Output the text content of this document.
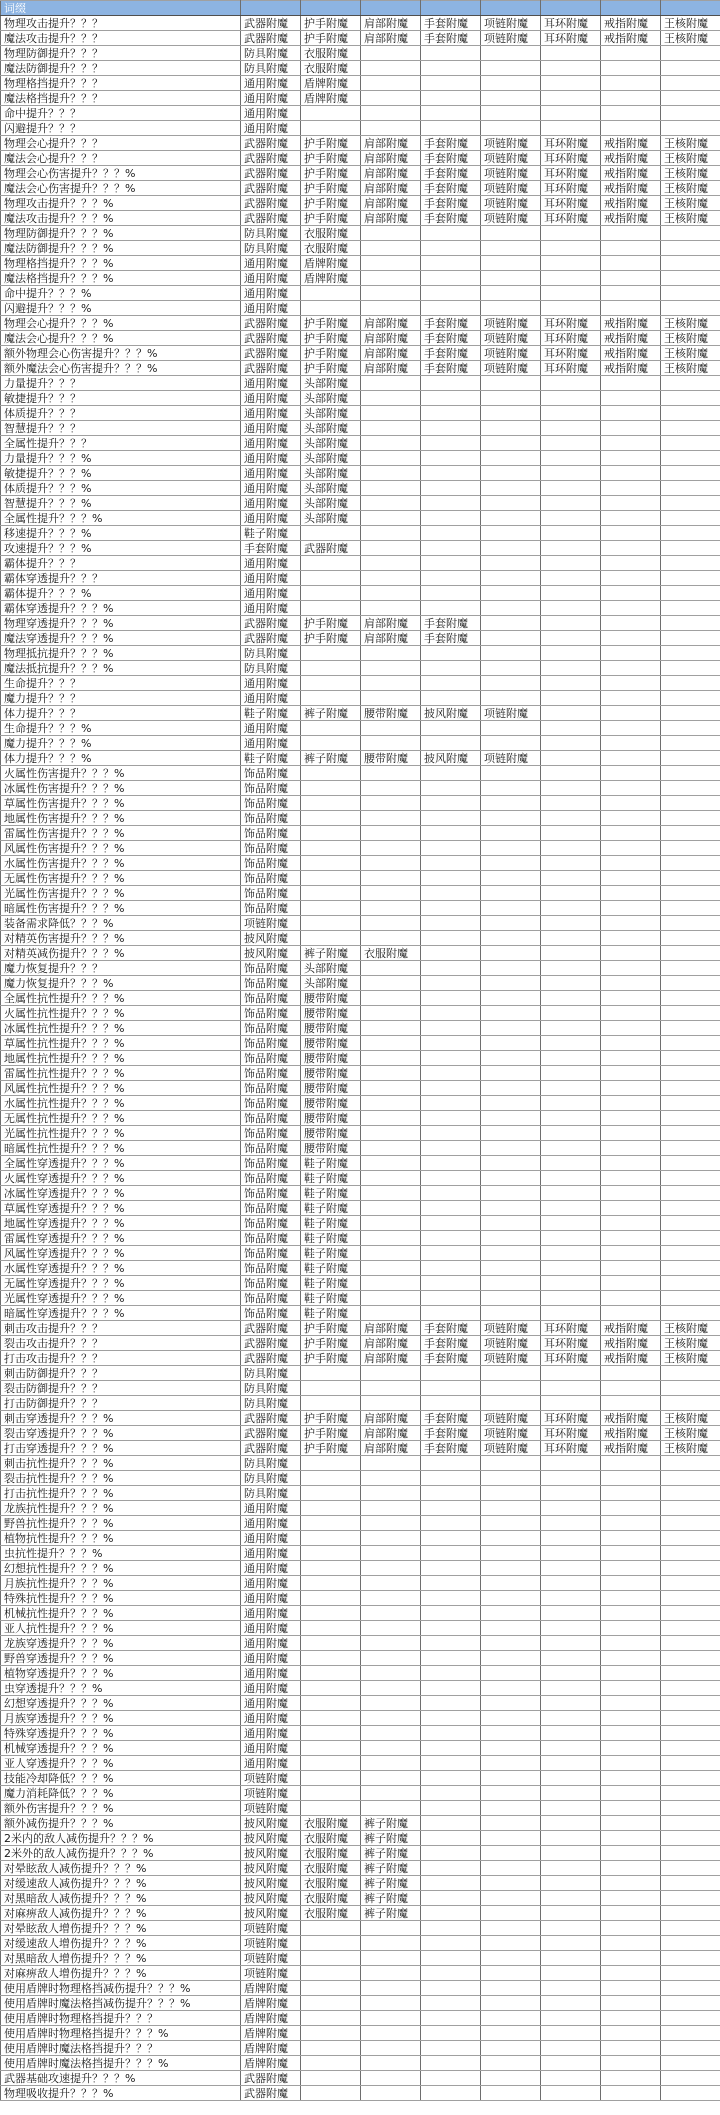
词缀								
物理攻击提升？？？	武器附魔	护手附魔	肩部附魔	手套附魔	项链附魔	耳环附魔	戒指附魔	王核附魔
魔法攻击提升？？？	武器附魔	护手附魔	肩部附魔	手套附魔	项链附魔	耳环附魔	戒指附魔	王核附魔
物理防御提升？？？	防具附魔	衣服附魔						
魔法防御提升？？？	防具附魔	衣服附魔						
物理格挡提升？？？	通用附魔	盾牌附魔						
魔法格挡提升？？？	通用附魔	盾牌附魔						
命中提升？？？	通用附魔							
闪避提升？？？	通用附魔							
物理会心提升？？？	武器附魔	护手附魔	肩部附魔	手套附魔	项链附魔	耳环附魔	戒指附魔	王核附魔
魔法会心提升？？？	武器附魔	护手附魔	肩部附魔	手套附魔	项链附魔	耳环附魔	戒指附魔	王核附魔
物理会心伤害提升？？？%	武器附魔	护手附魔	肩部附魔	手套附魔	项链附魔	耳环附魔	戒指附魔	王核附魔
魔法会心伤害提升？？？%	武器附魔	护手附魔	肩部附魔	手套附魔	项链附魔	耳环附魔	戒指附魔	王核附魔
物理攻击提升？？？%	武器附魔	护手附魔	肩部附魔	手套附魔	项链附魔	耳环附魔	戒指附魔	王核附魔
魔法攻击提升？？？%	武器附魔	护手附魔	肩部附魔	手套附魔	项链附魔	耳环附魔	戒指附魔	王核附魔
物理防御提升？？？%	防具附魔	衣服附魔						
魔法防御提升？？？%	防具附魔	衣服附魔						
物理格挡提升？？？%	通用附魔	盾牌附魔						
魔法格挡提升？？？%	通用附魔	盾牌附魔						
命中提升？？？%	通用附魔							
闪避提升？？？%	通用附魔							
物理会心提升？？？%	武器附魔	护手附魔	肩部附魔	手套附魔	项链附魔	耳环附魔	戒指附魔	王核附魔
魔法会心提升？？？%	武器附魔	护手附魔	肩部附魔	手套附魔	项链附魔	耳环附魔	戒指附魔	王核附魔
额外物理会心伤害提升？？？%	武器附魔	护手附魔	肩部附魔	手套附魔	项链附魔	耳环附魔	戒指附魔	王核附魔
额外魔法会心伤害提升？？？%	武器附魔	护手附魔	肩部附魔	手套附魔	项链附魔	耳环附魔	戒指附魔	王核附魔
力量提升？？？	通用附魔	头部附魔						
敏捷提升？？？	通用附魔	头部附魔						
体质提升？？？	通用附魔	头部附魔						
智慧提升？？？	通用附魔	头部附魔						
全属性提升？？？	通用附魔	头部附魔						
力量提升？？？%	通用附魔	头部附魔						
敏捷提升？？？%	通用附魔	头部附魔						
体质提升？？？%	通用附魔	头部附魔						
智慧提升？？？%	通用附魔	头部附魔						
全属性提升？？？%	通用附魔	头部附魔						
移速提升？？？%	鞋子附魔							
攻速提升？？？%	手套附魔	武器附魔						
霸体提升？？？	通用附魔							
霸体穿透提升？？？	通用附魔							
霸体提升？？？%	通用附魔							
霸体穿透提升？？？%	通用附魔							
物理穿透提升？？？%	武器附魔	护手附魔	肩部附魔	手套附魔				
魔法穿透提升？？？%	武器附魔	护手附魔	肩部附魔	手套附魔				
物理抵抗提升？？？%	防具附魔							
魔法抵抗提升？？？%	防具附魔							
生命提升？？？	通用附魔							
魔力提升？？？	通用附魔							
体力提升？？？	鞋子附魔	裤子附魔	腰带附魔	披风附魔	项链附魔			
生命提升？？？%	通用附魔							
魔力提升？？？%	通用附魔							
体力提升？？？%	鞋子附魔	裤子附魔	腰带附魔	披风附魔	项链附魔			
火属性伤害提升？？？%	饰品附魔							
冰属性伤害提升？？？%	饰品附魔							
草属性伤害提升？？？%	饰品附魔							
地属性伤害提升？？？%	饰品附魔							
雷属性伤害提升？？？%	饰品附魔							
风属性伤害提升？？？%	饰品附魔							
水属性伤害提升？？？%	饰品附魔							
无属性伤害提升？？？%	饰品附魔							
光属性伤害提升？？？%	饰品附魔							
暗属性伤害提升？？？%	饰品附魔							
装备需求降低？？？%	项链附魔							
对精英伤害提升？？？%	披风附魔							
对精英减伤提升？？？%	披风附魔	裤子附魔	衣服附魔					
魔力恢复提升？？？	饰品附魔	头部附魔						
魔力恢复提升？？？%	饰品附魔	头部附魔						
全属性抗性提升？？？%	饰品附魔	腰带附魔						
火属性抗性提升？？？%	饰品附魔	腰带附魔						
冰属性抗性提升？？？%	饰品附魔	腰带附魔						
草属性抗性提升？？？%	饰品附魔	腰带附魔						
地属性抗性提升？？？%	饰品附魔	腰带附魔						
雷属性抗性提升？？？%	饰品附魔	腰带附魔						
风属性抗性提升？？？%	饰品附魔	腰带附魔						
水属性抗性提升？？？%	饰品附魔	腰带附魔						
无属性抗性提升？？？%	饰品附魔	腰带附魔						
光属性抗性提升？？？%	饰品附魔	腰带附魔						
暗属性抗性提升？？？%	饰品附魔	腰带附魔						
全属性穿透提升？？？%	饰品附魔	鞋子附魔						
火属性穿透提升？？？%	饰品附魔	鞋子附魔						
冰属性穿透提升？？？%	饰品附魔	鞋子附魔						
草属性穿透提升？？？%	饰品附魔	鞋子附魔						
地属性穿透提升？？？%	饰品附魔	鞋子附魔						
雷属性穿透提升？？？%	饰品附魔	鞋子附魔						
风属性穿透提升？？？%	饰品附魔	鞋子附魔						
水属性穿透提升？？？%	饰品附魔	鞋子附魔						
无属性穿透提升？？？%	饰品附魔	鞋子附魔						
光属性穿透提升？？？%	饰品附魔	鞋子附魔						
暗属性穿透提升？？？%	饰品附魔	鞋子附魔						
刺击攻击提升？？？	武器附魔	护手附魔	肩部附魔	手套附魔	项链附魔	耳环附魔	戒指附魔	王核附魔
裂击攻击提升？？？	武器附魔	护手附魔	肩部附魔	手套附魔	项链附魔	耳环附魔	戒指附魔	王核附魔
打击攻击提升？？？	武器附魔	护手附魔	肩部附魔	手套附魔	项链附魔	耳环附魔	戒指附魔	王核附魔
刺击防御提升？？？	防具附魔							
裂击防御提升？？？	防具附魔							
打击防御提升？？？	防具附魔							
刺击穿透提升？？？%	武器附魔	护手附魔	肩部附魔	手套附魔	项链附魔	耳环附魔	戒指附魔	王核附魔
裂击穿透提升？？？%	武器附魔	护手附魔	肩部附魔	手套附魔	项链附魔	耳环附魔	戒指附魔	王核附魔
打击穿透提升？？？%	武器附魔	护手附魔	肩部附魔	手套附魔	项链附魔	耳环附魔	戒指附魔	王核附魔
刺击抗性提升？？？%	防具附魔							
裂击抗性提升？？？%	防具附魔							
打击抗性提升？？？%	防具附魔							
龙族抗性提升？？？%	通用附魔							
野兽抗性提升？？？%	通用附魔							
植物抗性提升？？？%	通用附魔							
虫抗性提升？？？%	通用附魔							
幻想抗性提升？？？%	通用附魔							
月族抗性提升？？？%	通用附魔							
特殊抗性提升？？？%	通用附魔							
机械抗性提升？？？%	通用附魔							
亚人抗性提升？？？%	通用附魔							
龙族穿透提升？？？%	通用附魔							
野兽穿透提升？？？%	通用附魔							
植物穿透提升？？？%	通用附魔							
虫穿透提升？？？%	通用附魔							
幻想穿透提升？？？%	通用附魔							
月族穿透提升？？？%	通用附魔							
特殊穿透提升？？？%	通用附魔							
机械穿透提升？？？%	通用附魔							
亚人穿透提升？？？%	通用附魔							
技能冷却降低？？？%	项链附魔							
魔力消耗降低？？？%	项链附魔							
额外伤害提升？？？%	项链附魔							
额外减伤提升？？？%	披风附魔	衣服附魔	裤子附魔					
2米内的敌人减伤提升？？？%	披风附魔	衣服附魔	裤子附魔					
2米外的敌人减伤提升？？？%	披风附魔	衣服附魔	裤子附魔					
对晕眩敌人减伤提升？？？%	披风附魔	衣服附魔	裤子附魔					
对缓速敌人减伤提升？？？%	披风附魔	衣服附魔	裤子附魔					
对黑暗敌人减伤提升？？？%	披风附魔	衣服附魔	裤子附魔					
对麻痹敌人减伤提升？？？%	披风附魔	衣服附魔	裤子附魔					
对晕眩敌人增伤提升？？？%	项链附魔							
对缓速敌人增伤提升？？？%	项链附魔							
对黑暗敌人增伤提升？？？%	项链附魔							
对麻痹敌人增伤提升？？？%	项链附魔							
使用盾牌时物理格挡减伤提升？？？%	盾牌附魔							
使用盾牌时魔法格挡减伤提升？？？%	盾牌附魔							
使用盾牌时物理格挡提升？？？	盾牌附魔							
使用盾牌时物理格挡提升？？？%	盾牌附魔							
使用盾牌时魔法格挡提升？？？	盾牌附魔							
使用盾牌时魔法格挡提升？？？%	盾牌附魔							
武器基础攻速提升？？？%	武器附魔							
物理吸收提升？？？%	武器附魔							
